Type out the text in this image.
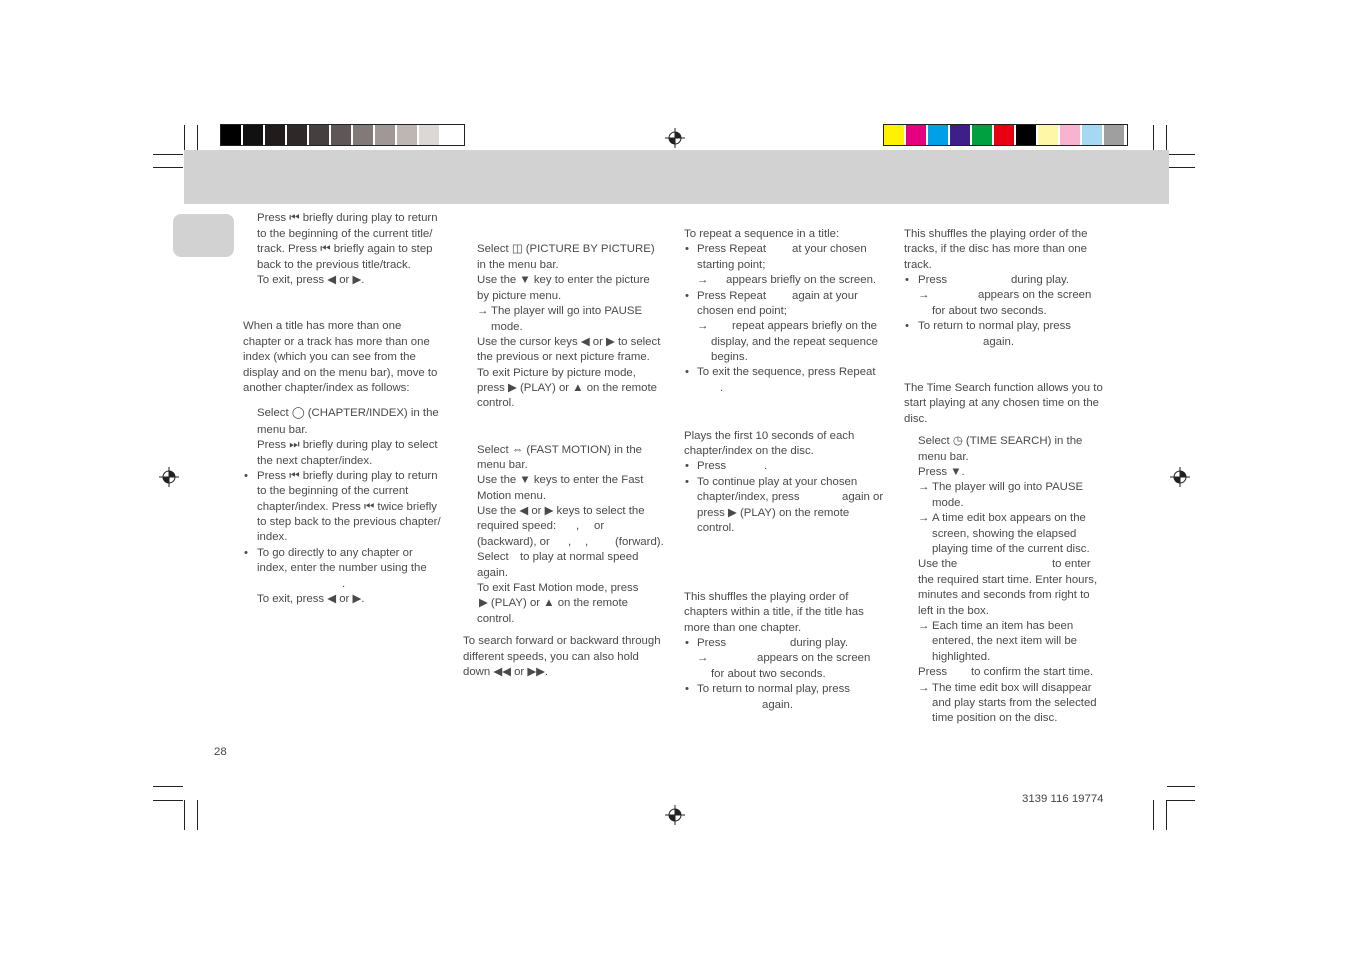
Press ⏮ briefly during play to return
to the beginning of the current title/
track. Press ⏮ briefly again to step
back to the previous title/track.
To exit, press ◀ or ▶.
When a title has more than one
chapter or a track has more than one
index (which you can see from the
display and on the menu bar), move to
another chapter/index as follows:
Select ◯ (CHAPTER/INDEX) in the
menu bar.
Press ⏭ briefly during play to select
the next chapter/index.
• Press ⏮ briefly during play to return
to the beginning of the current
chapter/index. Press ⏮ twice briefly
to step back to the previous chapter/
index.
• To go directly to any chapter or
index, enter the number using the
.
To exit, press ◀ or ▶.
Select ◫ (PICTURE BY PICTURE)
in the menu bar.
Use the ▼ key to enter the picture
by picture menu.
→ The player will go into PAUSE
mode.
Use the cursor keys ◀ or ▶ to select
the previous or next picture frame.
To exit Picture by picture mode,
press ▶ (PLAY) or ▲ on the remote
control.
Select ⇔ (FAST MOTION) in the
menu bar.
Use the ▼ keys to enter the Fast
Motion menu.
Use the ◀ or ▶ keys to select the
required speed: , or
(backward), or , , (forward).
Select to play at normal speed
again.
To exit Fast Motion mode, press
▶ (PLAY) or ▲ on the remote
control.
To search forward or backward through
different speeds, you can also hold
down ◀◀ or ▶▶.
To repeat a sequence in a title:
• Press Repeat at your chosen
starting point;
→ appears briefly on the screen.
• Press Repeat again at your
chosen end point;
→ repeat appears briefly on the
display, and the repeat sequence
begins.
• To exit the sequence, press Repeat
.
Plays the first 10 seconds of each
chapter/index on the disc.
• Press	.
• To continue play at your chosen
chapter/index, press	again or
press ▶ (PLAY) on the remote
control.
This shuffles the playing order of
chapters within a title, if the title has
more than one chapter.
• Press	during play.
→	appears on the screen
for about two seconds.
• To return to normal play, press
again.
This shuffles the playing order of the
tracks, if the disc has more than one
track.
• Press	during play.
→	appears on the screen
for about two seconds.
• To return to normal play, press
again.
The Time Search function allows you to
start playing at any chosen time on the
disc.
Select ◷ (TIME SEARCH) in the
menu bar.
Press ▼.
→ The player will go into PAUSE
mode.
→ A time edit box appears on the
screen, showing the elapsed
playing time of the current disc.
Use the	to enter
the required start time. Enter hours,
minutes and seconds from right to
left in the box.
→ Each time an item has been
entered, the next item will be
highlighted.
Press to confirm the start time.
→ The time edit box will disappear
and play starts from the selected
time position on the disc.
28
3139 116 19774
